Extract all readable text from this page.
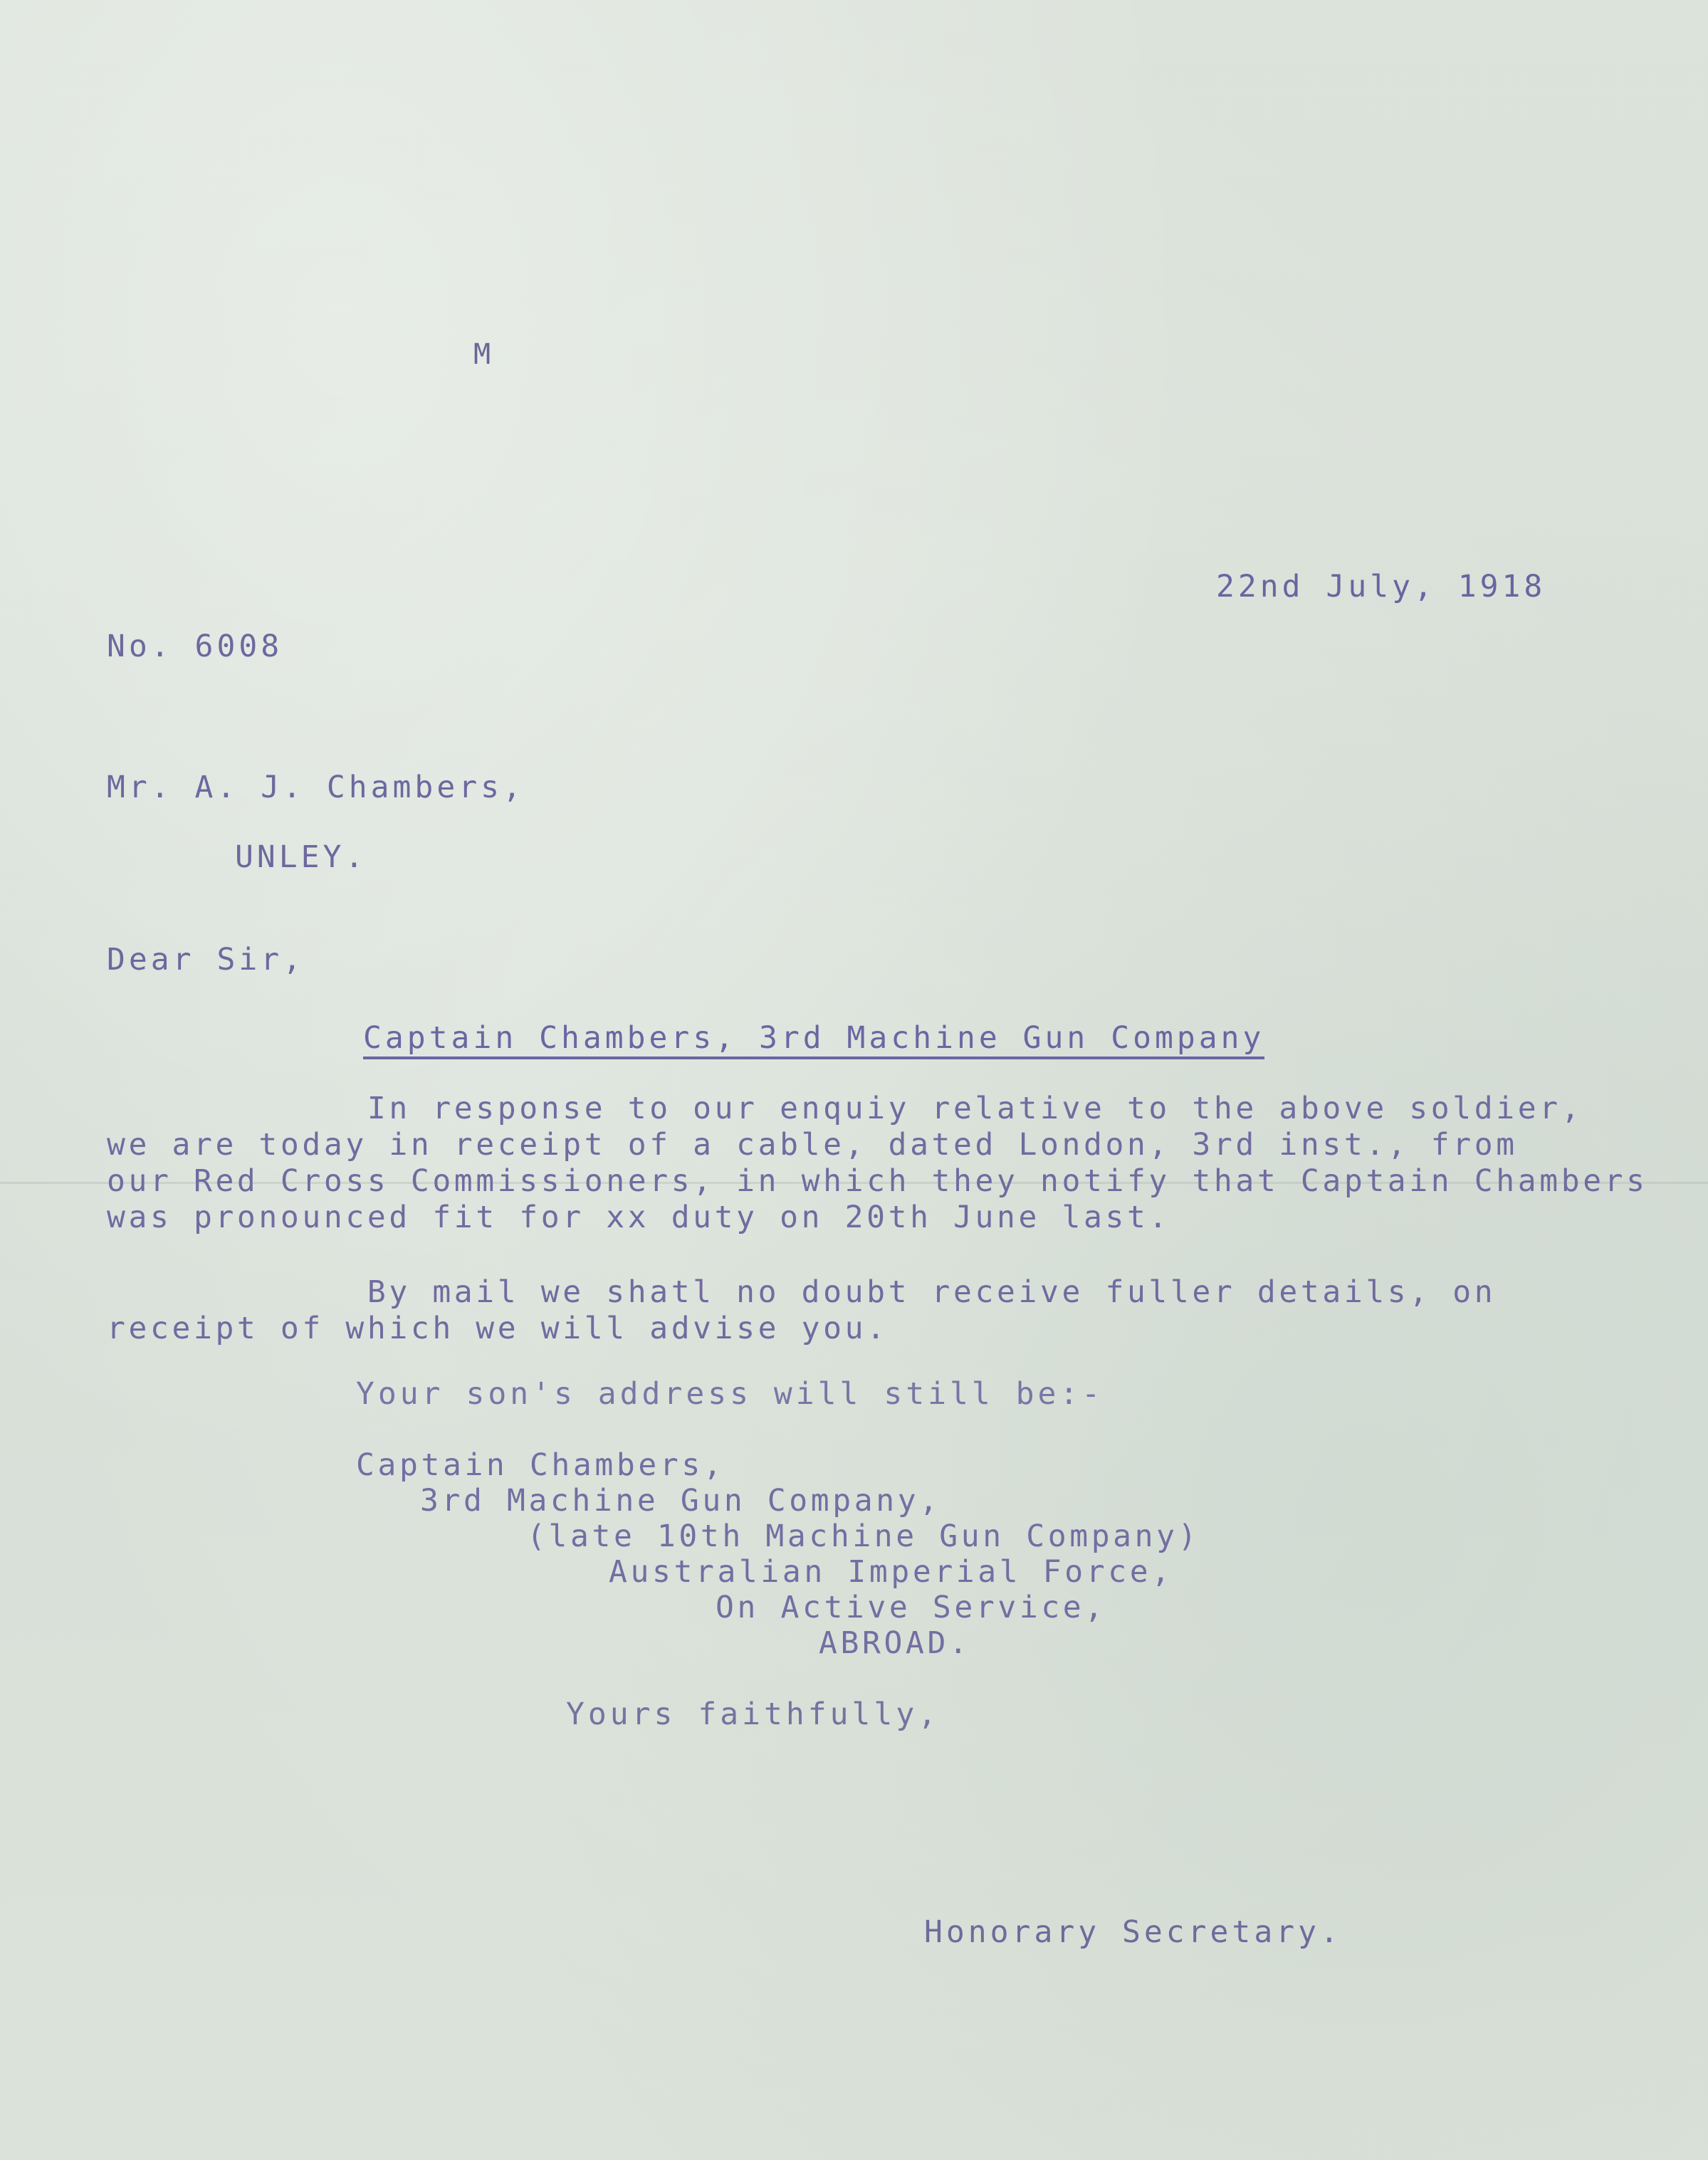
M
22nd July, 1918
No. 6008
Mr. A. J. Chambers,
UNLEY.
Dear Sir,
Captain Chambers, 3rd Machine Gun Company
In response to our enquiy relative to the above soldier,
we are today in receipt of a cable, dated London, 3rd inst., from
our Red Cross Commissioners, in which they notify that Captain Chambers
was pronounced fit for xx duty on 20th June last.
By mail we shatl no doubt receive fuller details, on
receipt of which we will advise you.
Your son's address will still be:-
Captain Chambers,
3rd Machine Gun Company,
(late 10th Machine Gun Company)
Australian Imperial Force,
On Active Service,
ABROAD.
Yours faithfully,
Honorary Secretary.
